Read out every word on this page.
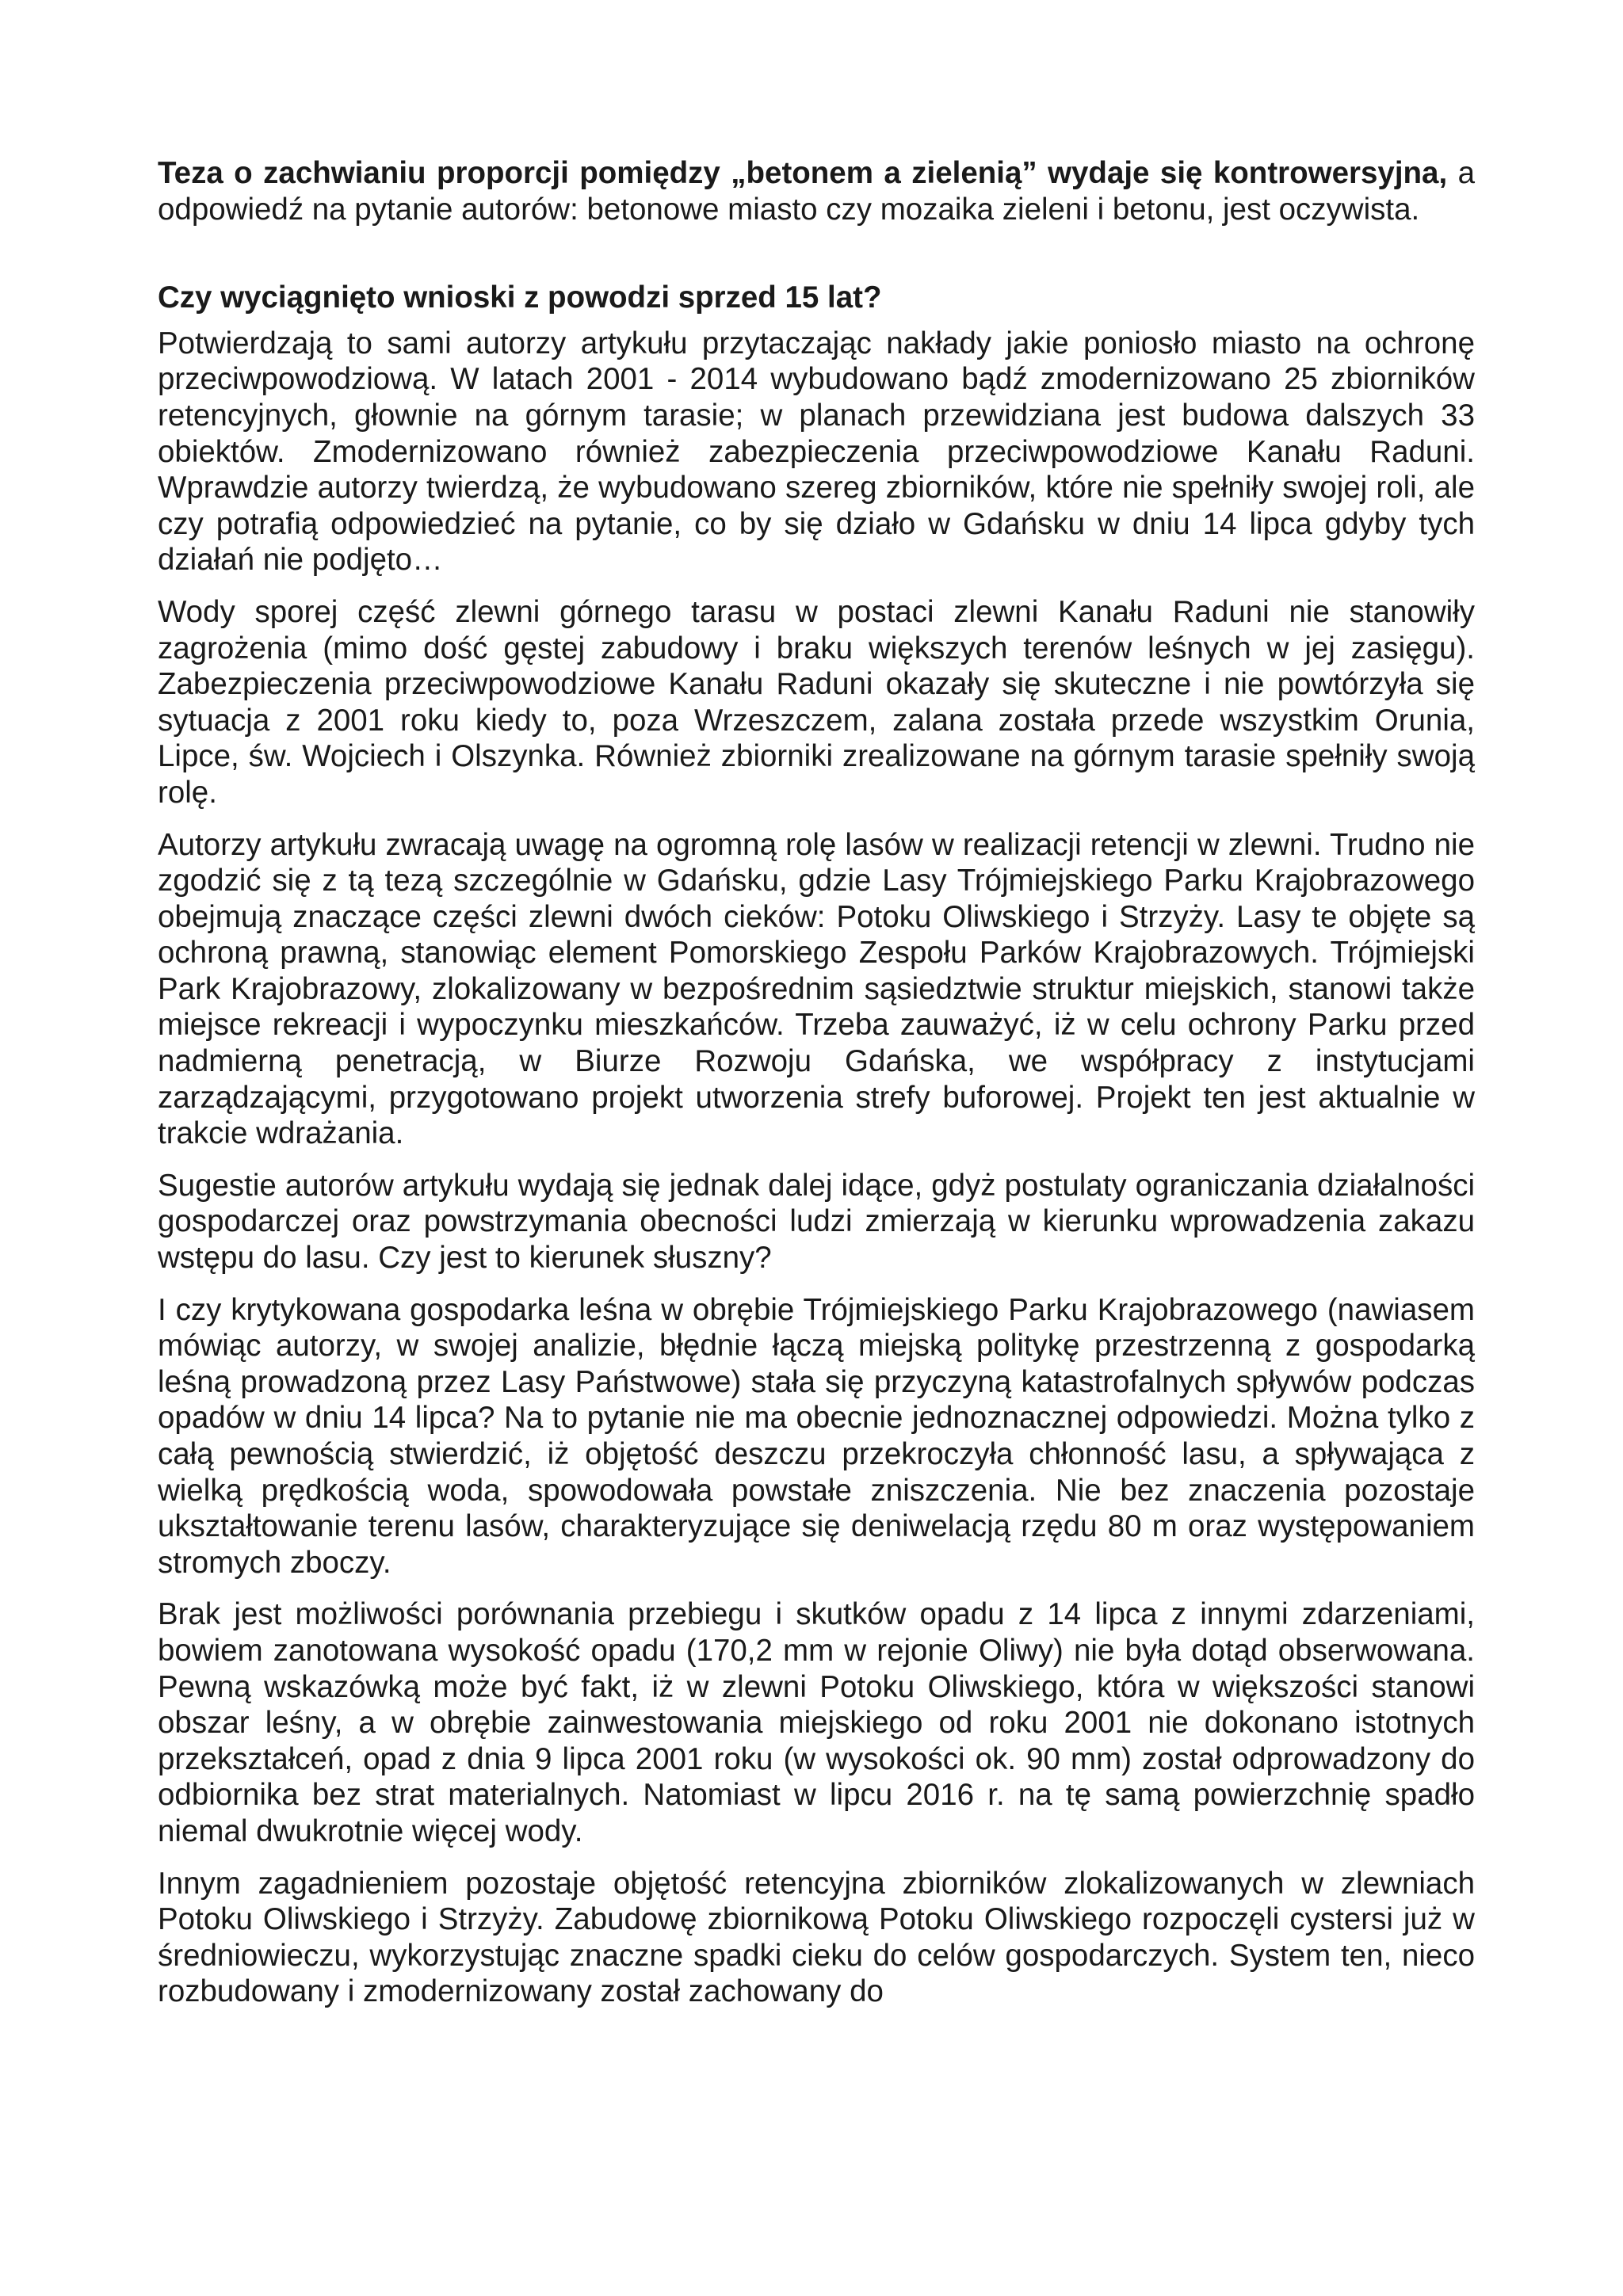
Teza o zachwianiu proporcji pomiędzy „betonem a zielenią” wydaje się kontrowersyjna, a odpowiedź na pytanie autorów: betonowe miasto czy mozaika zieleni i betonu, jest oczywista.

Czy wyciągnięto wnioski z powodzi sprzed 15 lat?

Potwierdzają to sami autorzy artykułu przytaczając nakłady jakie poniosło miasto na ochronę przeciwpowodziową. W latach 2001 - 2014 wybudowano bądź zmodernizowano 25 zbiorników retencyjnych, głownie na górnym tarasie; w planach przewidziana jest budowa dalszych 33 obiektów. Zmodernizowano również zabezpieczenia przeciwpowodziowe Kanału Raduni. Wprawdzie autorzy twierdzą, że wybudowano szereg zbiorników, które nie spełniły swojej roli, ale czy potrafią odpowiedzieć na pytanie, co by się działo w Gdańsku w dniu 14 lipca gdyby tych działań nie podjęto…

Wody sporej część zlewni górnego tarasu w postaci zlewni Kanału Raduni nie stanowiły zagrożenia (mimo dość gęstej zabudowy i braku większych terenów leśnych w jej zasięgu). Zabezpieczenia przeciwpowodziowe Kanału Raduni okazały się skuteczne i nie powtórzyła się sytuacja z 2001 roku kiedy to, poza Wrzeszczem, zalana została przede wszystkim Orunia, Lipce, św. Wojciech i Olszynka. Również zbiorniki zrealizowane na górnym tarasie spełniły swoją rolę.

Autorzy artykułu zwracają uwagę na ogromną rolę lasów w realizacji retencji w zlewni. Trudno nie zgodzić się z tą tezą szczególnie w Gdańsku, gdzie Lasy Trójmiejskiego Parku Krajobrazowego obejmują znaczące części zlewni dwóch cieków: Potoku Oliwskiego i Strzyży. Lasy te objęte są ochroną prawną, stanowiąc element Pomorskiego Zespołu Parków Krajobrazowych. Trójmiejski Park Krajobrazowy, zlokalizowany w bezpośrednim sąsiedztwie struktur miejskich, stanowi także miejsce rekreacji i wypoczynku mieszkańców. Trzeba zauważyć, iż w celu ochrony Parku przed nadmierną penetracją, w Biurze Rozwoju Gdańska, we współpracy z instytucjami zarządzającymi, przygotowano projekt utworzenia strefy buforowej. Projekt ten jest aktualnie w trakcie wdrażania.

Sugestie autorów artykułu wydają się jednak dalej idące, gdyż postulaty ograniczania działalności gospodarczej oraz powstrzymania obecności ludzi zmierzają w kierunku wprowadzenia zakazu wstępu do lasu. Czy jest to kierunek słuszny?

I czy krytykowana gospodarka leśna w obrębie Trójmiejskiego Parku Krajobrazowego (nawiasem mówiąc autorzy, w swojej analizie, błędnie łączą miejską politykę przestrzenną z gospodarką leśną prowadzoną przez Lasy Państwowe) stała się przyczyną katastrofalnych spływów podczas opadów w dniu 14 lipca? Na to pytanie nie ma obecnie jednoznacznej odpowiedzi. Można tylko z całą pewnością stwierdzić, iż objętość deszczu przekroczyła chłonność lasu, a spływająca z wielką prędkością woda, spowodowała powstałe zniszczenia. Nie bez znaczenia pozostaje ukształtowanie terenu lasów, charakteryzujące się deniwelacją rzędu 80 m oraz występowaniem stromych zboczy.

Brak jest możliwości porównania przebiegu i skutków opadu z 14 lipca z innymi zdarzeniami, bowiem zanotowana wysokość opadu (170,2 mm w rejonie Oliwy) nie była dotąd obserwowana. Pewną wskazówką może być fakt, iż w zlewni Potoku Oliwskiego, która w większości stanowi obszar leśny, a w obrębie zainwestowania miejskiego od roku 2001 nie dokonano istotnych przekształceń, opad z dnia 9 lipca 2001 roku (w wysokości ok. 90 mm) został odprowadzony do odbiornika bez strat materialnych. Natomiast w lipcu 2016 r. na tę samą powierzchnię spadło niemal dwukrotnie więcej wody.

Innym zagadnieniem pozostaje objętość retencyjna zbiorników zlokalizowanych w zlewniach Potoku Oliwskiego i Strzyży. Zabudowę zbiornikową Potoku Oliwskiego rozpoczęli cystersi już w średniowieczu, wykorzystując znaczne spadki cieku do celów gospodarczych. System ten, nieco rozbudowany i zmodernizowany został zachowany do
